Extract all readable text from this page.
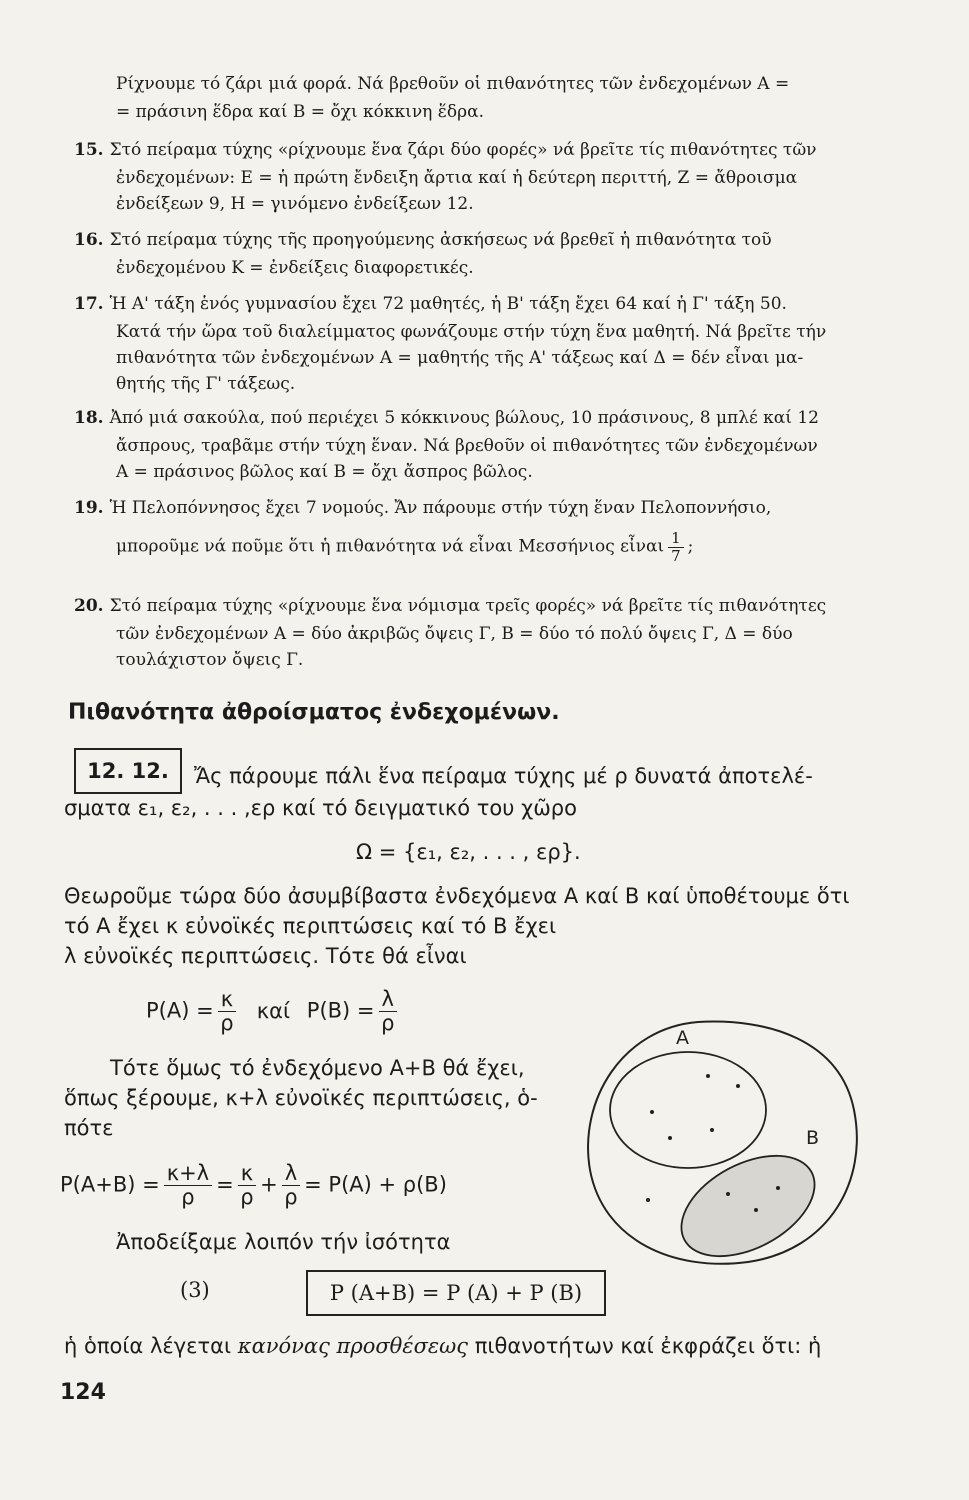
Ρίχνουμε τό ζάρι μιά φορά. Νά βρεθοῦν οἱ πιθανότητες τῶν ἐνδεχομένων Α =
= πράσινη ἕδρα καί Β = ὄχι κόκκινη ἕδρα.
15. Στό πείραμα τύχης «ρίχνουμε ἕνα ζάρι δύο φορές» νά βρεῖτε τίς πιθανότητες τῶν
ἐνδεχομένων: Ε = ἡ πρώτη ἔνδειξη ἄρτια καί ἡ δεύτερη περιττή, Ζ = ἄθροισμα
ἐνδείξεων 9, Η = γινόμενο ἐνδείξεων 12.
16. Στό πείραμα τύχης τῆς προηγούμενης ἀσκήσεως νά βρεθεῖ ἡ πιθανότητα τοῦ
ἐνδεχομένου Κ = ἐνδείξεις διαφορετικές.
17. Ἡ Α' τάξη ἑνός γυμνασίου ἔχει 72 μαθητές, ἡ Β' τάξη ἔχει 64 καί ἡ Γ' τάξη 50.
Κατά τήν ὥρα τοῦ διαλείμματος φωνάζουμε στήν τύχη ἕνα μαθητή. Νά βρεῖτε τήν
πιθανότητα τῶν ἐνδεχομένων Α = μαθητής τῆς Α' τάξεως καί Δ = δέν εἶναι μα-
θητής τῆς Γ' τάξεως.
18. Ἀπό μιά σακούλα, πού περιέχει 5 κόκκινους βώλους, 10 πράσινους, 8 μπλέ καί 12
ἄσπρους, τραβᾶμε στήν τύχη ἕναν. Νά βρεθοῦν οἱ πιθανότητες τῶν ἐνδεχομένων
Α = πράσινος βῶλος καί Β = ὄχι ἄσπρος βῶλος.
19. Ἡ Πελοπόννησος ἔχει 7 νομούς. Ἄν πάρουμε στήν τύχη ἕναν Πελοποννήσιο,
μποροῦμε νά ποῦμε ὅτι ἡ πιθανότητα νά εἶναι Μεσσήνιος εἶναι $\frac{1}{7}$ ;
20. Στό πείραμα τύχης «ρίχνουμε ἕνα νόμισμα τρεῖς φορές» νά βρεῖτε τίς πιθανότητες
τῶν ἐνδεχομένων Α = δύο ἀκριβῶς ὄψεις Γ, Β = δύο τό πολύ ὄψεις Γ, Δ = δύο
τουλάχιστον ὄψεις Γ.
Πιθανότητα ἀθροίσματος ἐνδεχομένων.
12. 12.	Ἄς πάρουμε πάλι ἕνα πείραμα τύχης μέ ρ δυνατά ἀποτελέ-
σματα ε₁, ε₂, . . . ,ερ καί τό δειγματικό του χῶρο
Ω = {ε₁, ε₂, . . . , ερ}.
Θεωροῦμε τώρα δύο ἀσυμβίβαστα ἐνδεχόμενα Α καί Β καί ὑποθέτουμε ὅτι
τό Α ἔχει κ εὐνοϊκές περιπτώσεις καί τό Β ἔχει
λ εὐνοϊκές περιπτώσεις. Τότε θά εἶναι
$P(A) = \frac{\kappa}{\rho}$ καί $P(B) = \frac{\lambda}{\rho}$
Τότε ὅμως τό ἐνδεχόμενο Α+Β θά ἔχει,
ὅπως ξέρουμε, κ+λ εὐνοϊκές περιπτώσεις, ὁ-
πότε
$P(A+B) = \frac{\kappa+\lambda}{\rho} = \frac{\kappa}{\rho} + \frac{\lambda}{\rho} = P(A) + \rho(B)$
Ἀποδείξαμε λοιπόν τήν ἰσότητα
(3)	P (A+B) = P (A) + P (B)
ἡ ὁποία λέγεται κανόνας προσθέσεως πιθανοτήτων καί ἐκφράζει ὅτι: ἡ
124
A
B
